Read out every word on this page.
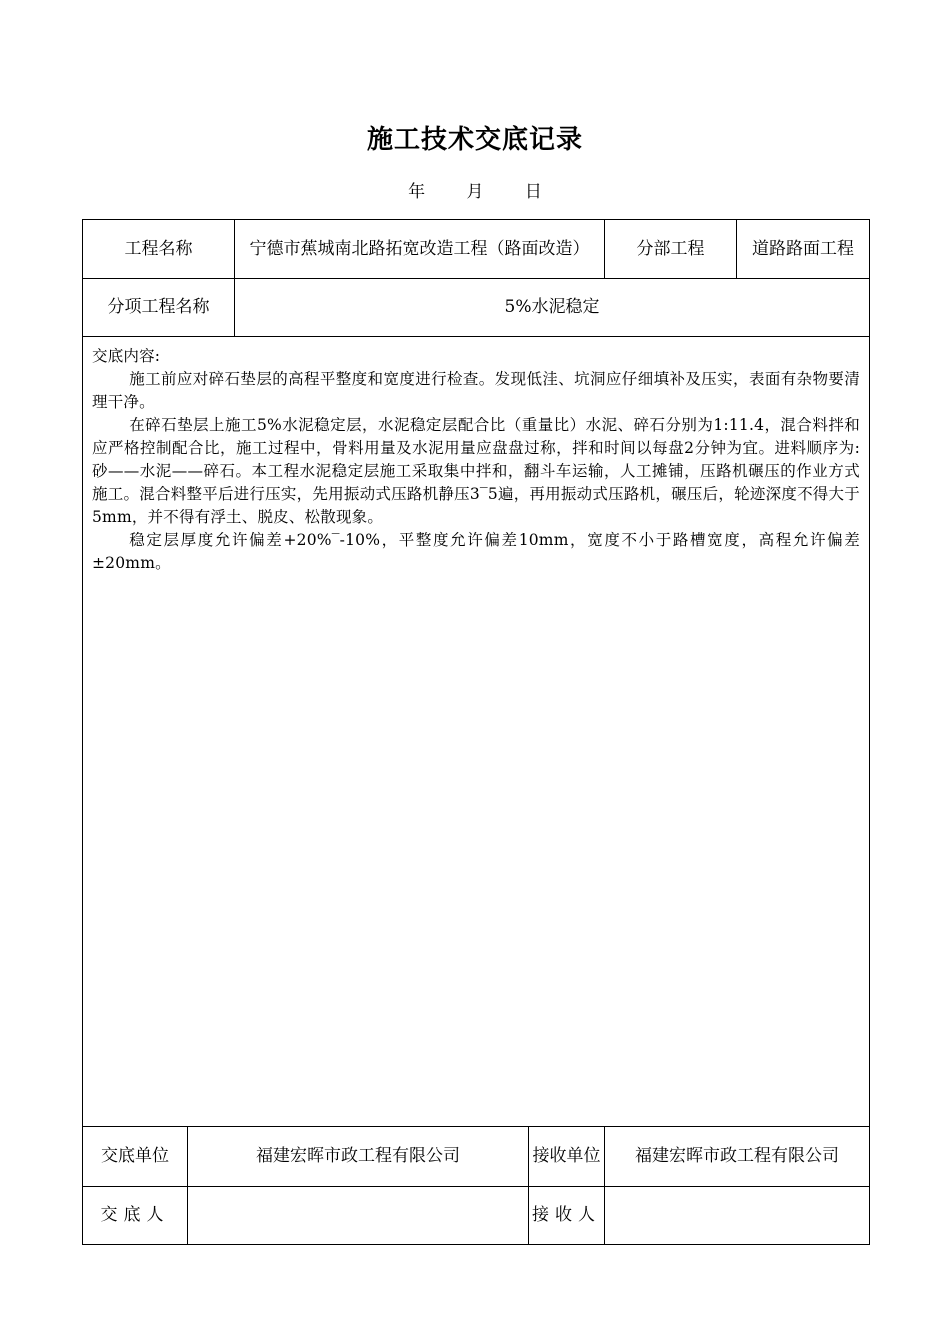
施工技术交底记录
年 月 日
工程名称		宁德市蕉城南北路拓宽改造工程（路面改造）		分部工程	道路路面工程
分项工程名称		5%水泥稳定			

交底内容:

施工前应对碎石垫层的高程平整度和宽度进行检查。发现低洼、坑洞应仔细填补及压实，表面有杂物要清理干净。

在碎石垫层上施工5%水泥稳定层，水泥稳定层配合比（重量比）水泥、碎石分别为1:11.4，混合料拌和应严格控制配合比，施工过程中，骨料用量及水泥用量应盘盘过称，拌和时间以每盘2分钟为宜。进料顺序为: 砂——水泥——碎石。本工程水泥稳定层施工采取集中拌和，翻斗车运输，人工摊铺，压路机碾压的作业方式施工。混合料整平后进行压实，先用振动式压路机静压3‾5遍，再用振动式压路机，碾压后，轮迹深度不得大于5mm，并不得有浮土、脱皮、松散现象。

稳定层厚度允许偏差+20%‾-10%，平整度允许偏差10mm，宽度不小于路槽宽度，高程允许偏差±20mm。					

交底单位	福建宏晖市政工程有限公司		接收单位	福建宏晖市政工程有限公司	
交底人			接收人		
